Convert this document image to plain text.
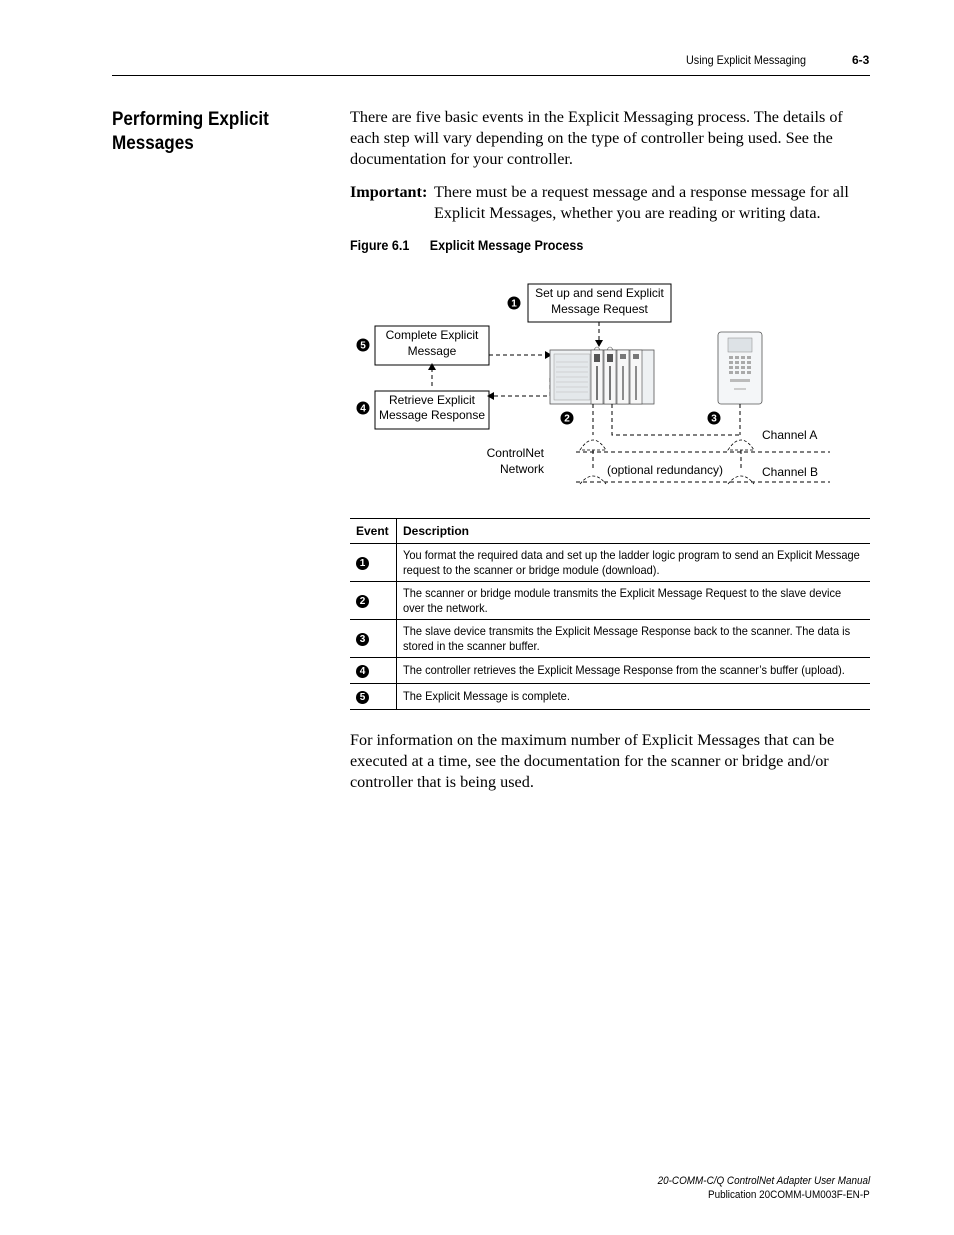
Using Explicit Messaging	6-3
Performing Explicit Messages
There are five basic events in the Explicit Messaging process. The details of each step will vary depending on the type of controller being used. See the documentation for your controller.
Important: There must be a request message and a response message for all Explicit Messages, whether you are reading or writing data.
Figure 6.1 Explicit Message Process
Set up and send Explicit
Message Request
Complete Explicit
Message
Retrieve Explicit
Message Response
1
2	3
4
5
ControlNet
Network
Channel A
Channel B
(optional redundancy)
Event	Description
1	You format the required data and set up the ladder logic program to send an Explicit Message request to the scanner or bridge module (download).
2	The scanner or bridge module transmits the Explicit Message Request to the slave device over the network.
3	The slave device transmits the Explicit Message Response back to the scanner. The data is stored in the scanner buffer.
4	The controller retrieves the Explicit Message Response from the scanner’s buffer (upload).
5	The Explicit Message is complete.
For information on the maximum number of Explicit Messages that can be executed at a time, see the documentation for the scanner or bridge and/or controller that is being used.
20-COMM-C/Q ControlNet Adapter User Manual
Publication 20COMM-UM003F-EN-P
